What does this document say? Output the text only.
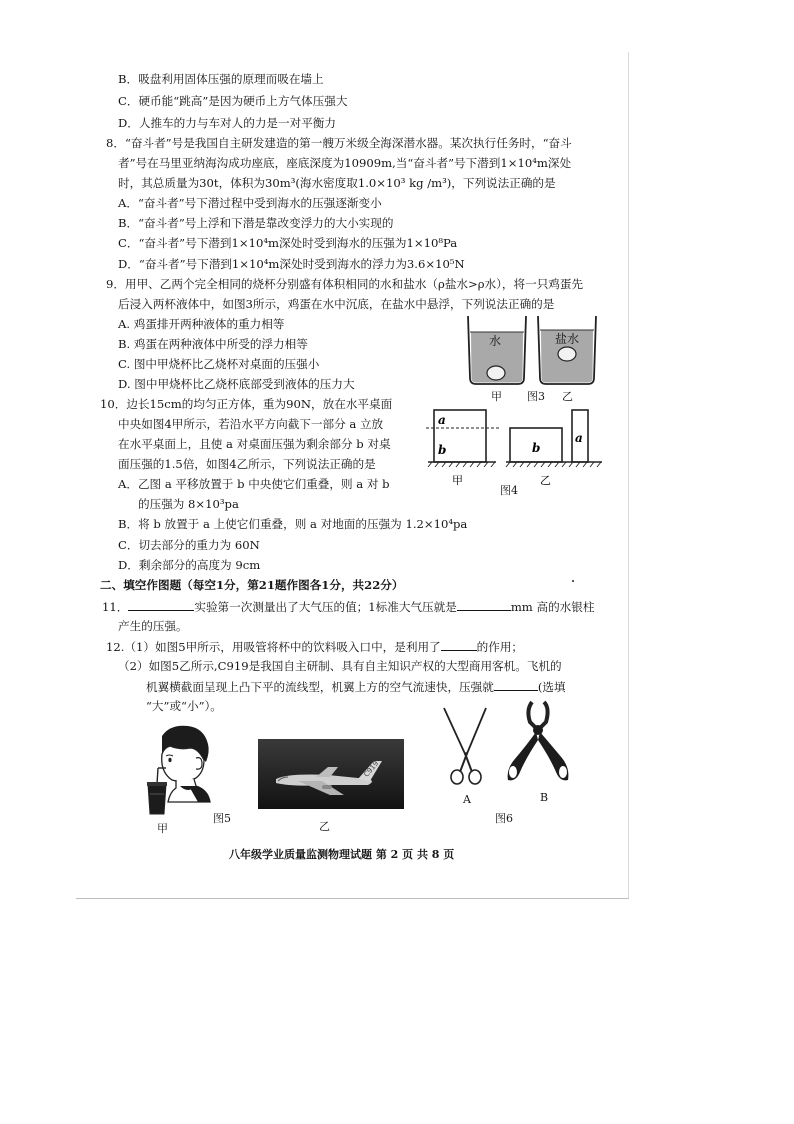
B．吸盘利用固体压强的原理而吸在墙上
C．硬币能“跳高”是因为硬币上方气体压强大
D．人推车的力与车对人的力是一对平衡力
8．“奋斗者”号是我国自主研发建造的第一艘万米级全海深潜水器。某次执行任务时，“奋斗
者”号在马里亚纳海沟成功座底，座底深度为10909m,当“奋斗者”号下潜到1×10⁴m深处
时，其总质量为30t，体积为30m³(海水密度取1.0×10³ kg /m³)，下列说法正确的是
A．“奋斗者”号下潜过程中受到海水的压强逐渐变小
B．“奋斗者”号上浮和下潜是靠改变浮力的大小实现的
C．“奋斗者”号下潜到1×10⁴m深处时受到海水的压强为1×10⁸Pa
D．“奋斗者”号下潜到1×10⁴m深处时受到海水的浮力为3.6×10⁵N
9．用甲、乙两个完全相同的烧杯分别盛有体积相同的水和盐水（ρ盐水>ρ水），将一只鸡蛋先
后浸入两杯液体中，如图3所示，鸡蛋在水中沉底，在盐水中悬浮，下列说法正确的是
A. 鸡蛋排开两种液体的重力相等
B. 鸡蛋在两种液体中所受的浮力相等
C. 图中甲烧杯比乙烧杯对桌面的压强小
D. 图中甲烧杯比乙烧杯底部受到液体的压力大
10．边长15cm的均匀正方体，重为90N，放在水平桌面
中央如图4甲所示，若沿水平方向截下一部分 a 立放
在水平桌面上，且使 a 对桌面压强为剩余部分 b 对桌
面压强的1.5倍，如图4乙所示，下列说法正确的是
A．乙图 a 平移放置于 b 中央使它们重叠，则 a 对 b
的压强为 8×10³pa
B．将 b 放置于 a 上使它们重叠，则 a 对地面的压强为 1.2×10⁴pa
C．切去部分的重力为 60N
D．剩余部分的高度为 9cm
二、填空作图题（每空1分，第21题作图各1分，共22分）
11．	实验第一次测量出了大气压的值；1标准大气压就是	mm 高的水银柱
产生的压强。
12.（1）如图5甲所示，用吸管将杯中的饮料吸入口中，是利用了	的作用；
（2）如图5乙所示,C919是我国自主研制、具有自主知识产权的大型商用客机。飞机的
机翼横截面呈现上凸下平的流线型，机翼上方的空气流速快，压强就	(选填
“大”或“小”）。
水	盐水
甲	乙
图3
a
b	b
a
甲	乙
图4
甲
图5
C919
乙
A	B
图6
八年级学业质量监测物理试题 第 2 页 共 8 页
